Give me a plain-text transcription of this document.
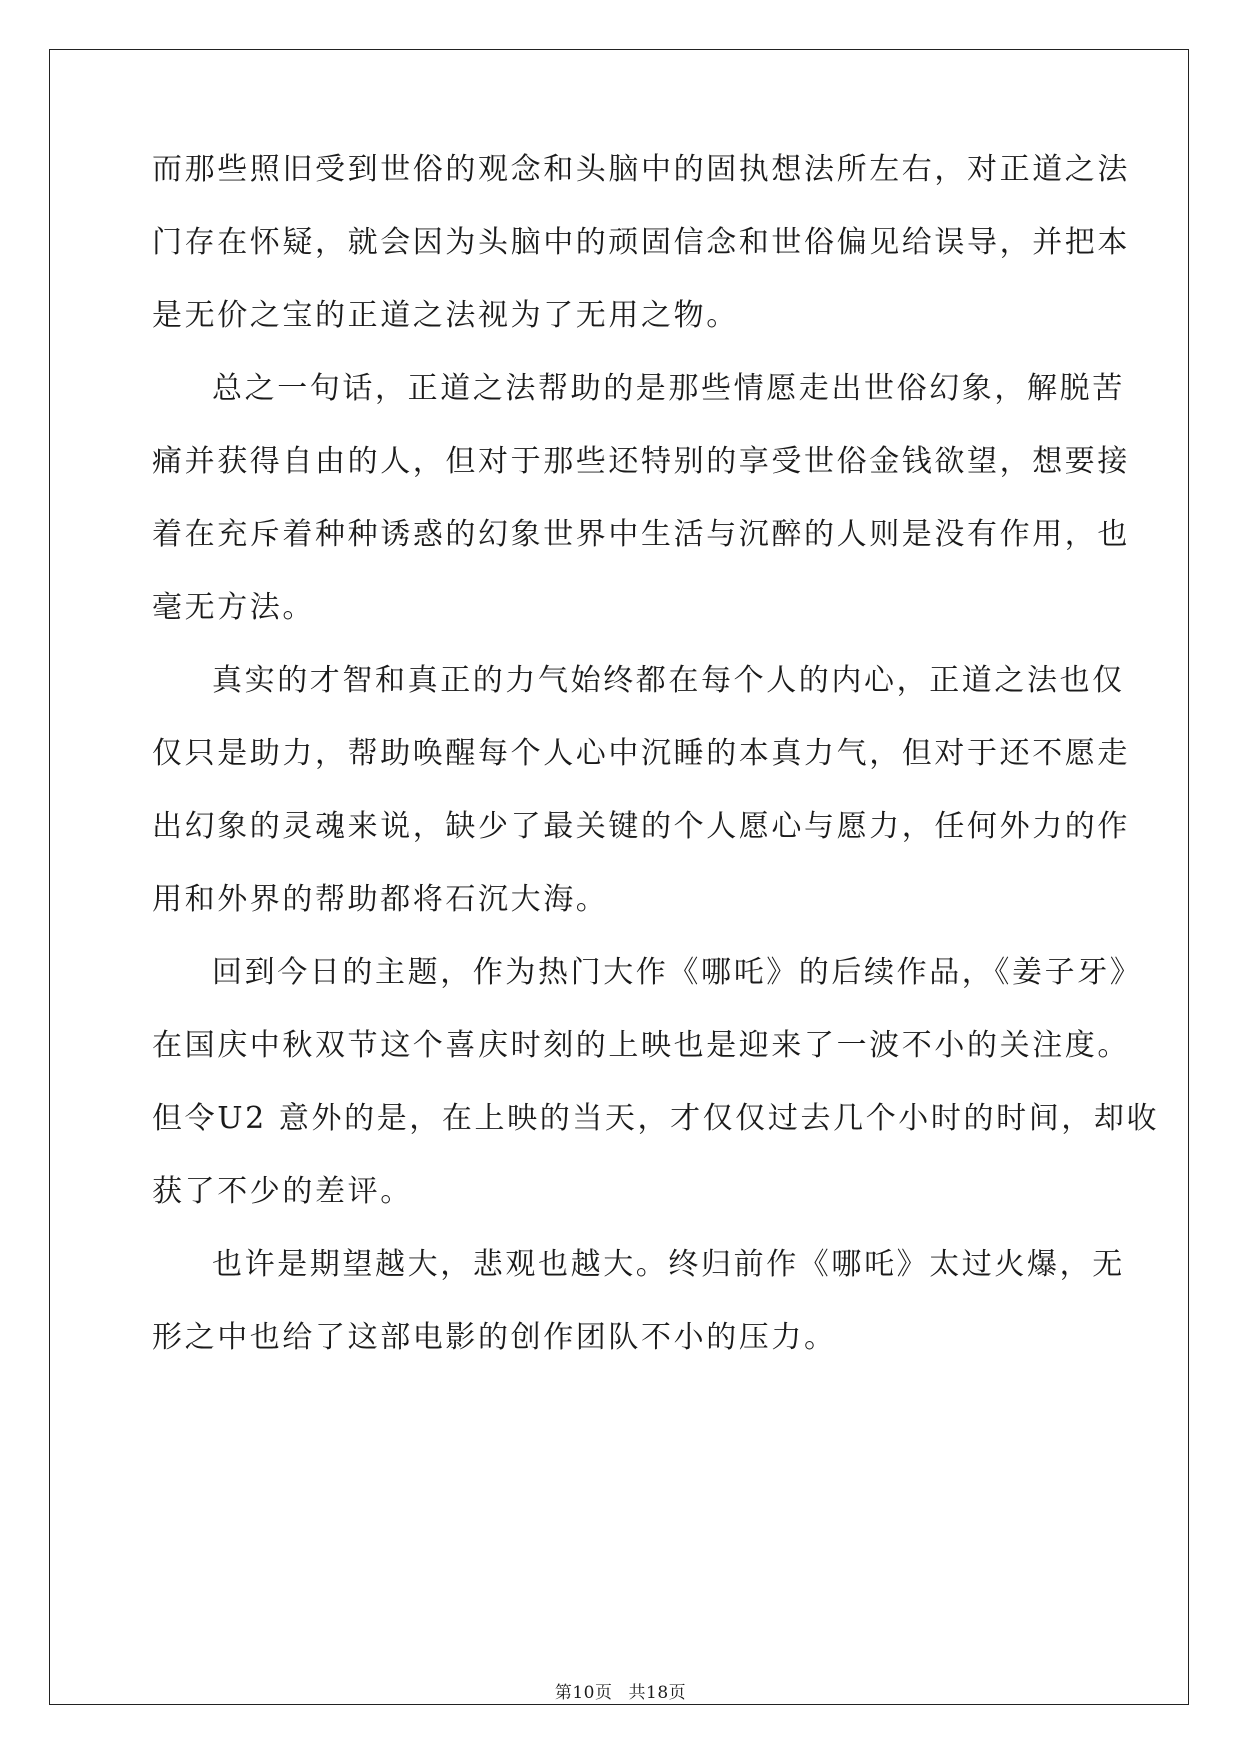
而那些照旧受到世俗的观念和头脑中的固执想法所左右，对正道之法
门存在怀疑，就会因为头脑中的顽固信念和世俗偏见给误导，并把本
是无价之宝的正道之法视为了无用之物。
总之一句话，正道之法帮助的是那些情愿走出世俗幻象，解脱苦
痛并获得自由的人，但对于那些还特别的享受世俗金钱欲望，想要接
着在充斥着种种诱惑的幻象世界中生活与沉醉的人则是没有作用，也
毫无方法。
真实的才智和真正的力气始终都在每个人的内心，正道之法也仅
仅只是助力，帮助唤醒每个人心中沉睡的本真力气，但对于还不愿走
出幻象的灵魂来说，缺少了最关键的个人愿心与愿力，任何外力的作
用和外界的帮助都将石沉大海。
回到今日的主题，作为热门大作《哪吒》的后续作品，《姜子牙》
在国庆中秋双节这个喜庆时刻的上映也是迎来了一波不小的关注度。
但令U2 意外的是，在上映的当天，才仅仅过去几个小时的时间，却收
获了不少的差评。
也许是期望越大，悲观也越大。终归前作《哪吒》太过火爆，无
形之中也给了这部电影的创作团队不小的压力。
第10页 共18页
